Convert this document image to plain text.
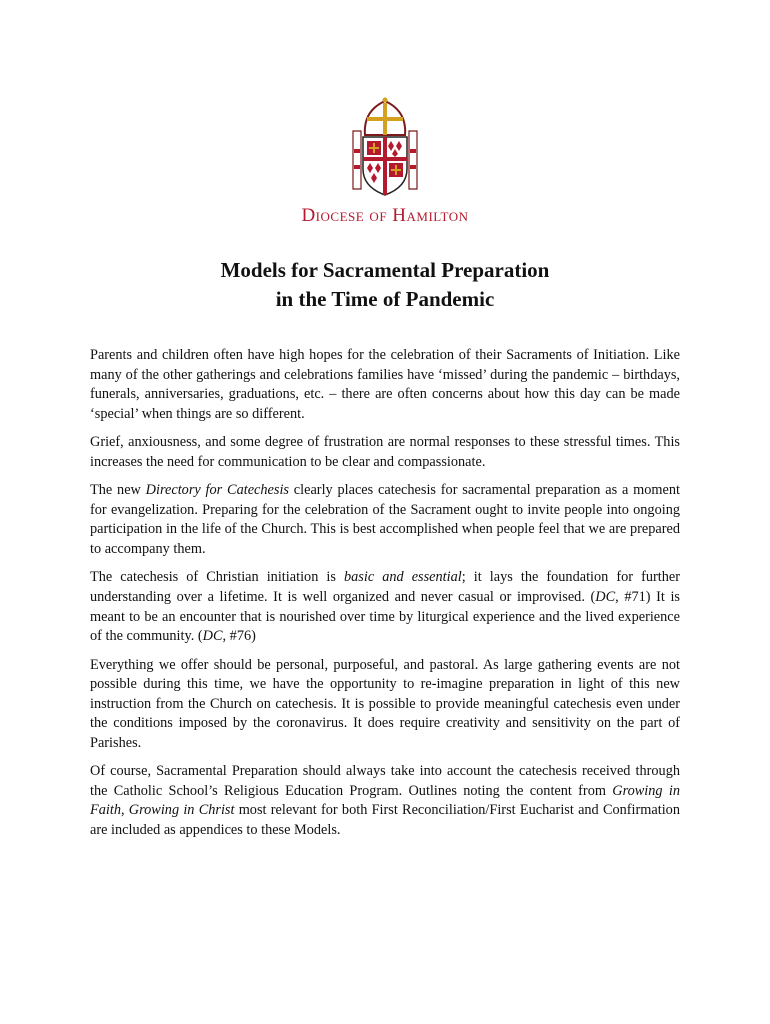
Diocese of Hamilton
Models for Sacramental Preparation
in the Time of Pandemic

Parents and children often have high hopes for the celebration of their Sacraments of Initiation. Like many of the other gatherings and celebrations families have ‘missed’ during the pandemic – birthdays, funerals, anniversaries, graduations, etc. – there are often concerns about how this day can be made ‘special’ when things are so different.

Grief, anxiousness, and some degree of frustration are normal responses to these stressful times. This increases the need for communication to be clear and compassionate.

The new Directory for Catechesis clearly places catechesis for sacramental preparation as a moment for evangelization. Preparing for the celebration of the Sacrament ought to invite people into ongoing participation in the life of the Church. This is best accomplished when people feel that we are prepared to accompany them.

The catechesis of Christian initiation is basic and essential; it lays the foundation for further understanding over a lifetime. It is well organized and never casual or improvised. (DC, #71) It is meant to be an encounter that is nourished over time by liturgical experience and the lived experience of the community. (DC, #76)

Everything we offer should be personal, purposeful, and pastoral. As large gathering events are not possible during this time, we have the opportunity to re-imagine preparation in light of this new instruction from the Church on catechesis. It is possible to provide meaningful catechesis even under the conditions imposed by the coronavirus. It does require creativity and sensitivity on the part of Parishes.

Of course, Sacramental Preparation should always take into account the catechesis received through the Catholic School’s Religious Education Program. Outlines noting the content from Growing in Faith, Growing in Christ most relevant for both First Reconciliation/First Eucharist and Confirmation are included as appendices to these Models.
